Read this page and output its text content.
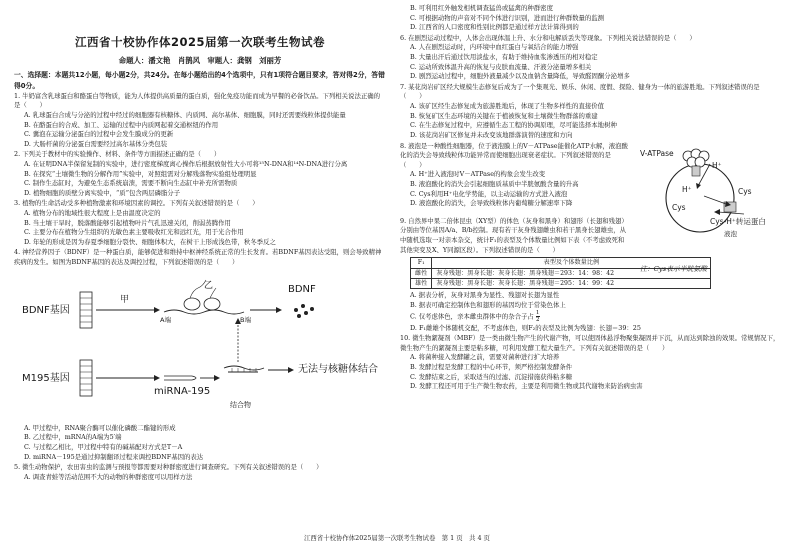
江西省十校协作体2025届第一次联考生物试卷
命题人：潘文艳　肖鹊风　审题人：龚钢　刘丽芳
一、选择题：本题共12小题，每小题2分，共24分。在每小题给出的4个选项中，只有1项符合题目要求，答对得2分，答错得0分。

1. 牛奶富含乳球蛋白和酪蛋白等物质，能为人体提供高质量的蛋白质，强化免疫功能而成为早餐的必备饮品。下列相关说法正确的是（　　）

A. 乳球蛋白合成与分泌的过程中经过的细胞器有核糖体、内质网、高尔基体、细胞膜，同时还需要线粒体提供能量

B. 在酪蛋白的合成、加工、运输的过程中内质网起着交通枢纽的作用

C. 囊泡在运输分泌蛋白的过程中会发生膜成分的更新

D. 大肠杆菌的分泌蛋白需要经过高尔基体分类包装

2. 下列关于教材中的实验操作、材料、条件等方面描述正确的是（　　）

A. 在证明DNA半保留复制的实验中，进行密度梯度离心操作后根据放射性大小可将¹⁵N-DNA和¹⁴N-DNA进行分离

B. 在探究“土壤微生物的分解作用”实验中，对照组需对分解残落物实验组处理明显

C. 制作生态缸时，为避免生态系统崩溃，需要不断向生态缸中补充所需物质

D. 植物细胞的质壁分离实验中，“质”包含两层磷脂分子

3. 植物的生命活动受多种植物激素和环境因素的调控。下列有关叙述错误的是（　　）

A. 植物分布的地域性很大程度上是由温度决定的

B. 当土壤干旱时，脱落酸能够引起植物叶片气孔迅速关闭，削弱蒸腾作用

C. 主要分布在植物分生组织的光敏色素主要吸收红光和远红光，用于光合作用

D. 年轮的形成是因为春夏季细胞分裂快、细胞体积大，在树干上形成浅色带，秋冬季反之

4. 神经营养因子（BDNF）是一种蛋白质，能够促进和维持中枢神经系统正常的生长发育。若BDNF基因表达受阻，则会导致精神疾病的发生。如图为BDNF基因的表达及调控过程，下列叙述错误的是（　　）

BDNF基因
M195基因
甲
乙
A端	B端
BDNF
miRNA-195
无法与核糖体结合
结合物

A. 甲过程中，RNA聚合酶可以催化磷酸二酯键的形成

B. 乙过程中，mRNA的A端为5′端

C. 与过程乙相比，甲过程中特有的碱基配对方式是T－A

D. miRNA－195是通过抑制翻译过程来调控BDNF基因的表达

5. 微生动物保护，农田害虫的监测与预报等都需要对种群密度进行调查研究。下列有关叙述错误的是（　　）

A. 调查青蛙等活动范围不大的动物的种群密度可以用样方法

B. 可利用红外触发相机调查猛兽或猛禽的种群密度

C. 可根据动物的声音对不同个体进行识别，进而进行种群数量的监测

D. 江西省的人口密度和性别比例都是通过样方法计算得到的

6. 在剧烈运动过程中，人体会出现体温上升、水分和电解质丢失等现象。下列相关说法错误的是（　　）

A. 人在剧烈运动时，内环境中血红蛋白与氧结合的能力增强

B. 大量出汗后通过饮用淡盐水，有助于维持血浆渗透压的相对稳定

C. 运动所致体温升高的恢复与皮肤血流量、汗液分泌量增多相关

D. 剧烈运动过程中，细胞外液量减少以及血钠含量降低，导致醛固酮分泌增多

7. 某花岗岩矿区经大规模生态修复后成为了一个集观光、娱乐、休闲、度假、探险、健身为一体的旅游胜地。下列叙述错误的是（　　）

A. 该矿区经生态修复成为旅游胜地后，体现了生物多样性的直接价值

B. 恢复矿区生态环境的关键在于植被恢复和土壤微生物群落的重建

C. 在生态修复过程中，应遵循生态工程的协调原理，尽可能选择本地树种

D. 该花岗岩矿区修复并未改变该地群落演替的速度和方向

8. 液泡是一种酸性细胞器，位于液泡膜上的V－ATPase能催化ATP水解，液泡酸化的消失会导致线粒体功能异常而使细胞出现衰老症状。下列叙述错误的是（　　）

A. H⁺进入液泡时V－ATPase的构象会发生改变

B. 液泡酸化的消失会引起细胞质基质中半胱氨酸含量的升高

C. Cys利用H⁺电化学势能，以主动运输的方式进入液泡

D. 液泡酸化的消失，会导致线粒体内葡萄糖分解速率下降

V-ATPase
H⁺
H⁺	Cys
Cys
Cys-H⁺转运蛋白
液泡
注：Cys表示半胱氨酸

9. 自然界中果二倍体昆虫（XY型）的体色（灰身和黑身）和翅形（长翅和残翅）分别由等位基因A/a、B/b控制。现有若干灰身残翅雌虫和若干黑身长翅雄虫，从中随机选取一对亲本杂交，统计F₁的表型及个体数量比例如下表（不考虑致死和其他突变及X、Y同源区段）。下列叙述错误的是（　　）

F₁	表型及个体数量比例
雌性	灰身残翅：黑身长翅：灰身长翅：黑身残翅＝293：14：98：42
雄性	灰身残翅：黑身长翅：灰身长翅：黑身残翅＝295：14：99：42

A. 据表分析，灰身对黑身为显性、残翅对长翅为显性

B. 据表可确定控制体色和翅形的基因均位于常染色体上

C. 仅考虑体色，亲本雌虫群体中的杂合子占 $\frac{1}{2}$

D. F₁雌雄个体随机交配，不考虑体色，则F₂的表型及比例为残翅：长翅＝39：25

10. 微生物絮凝剂（MBF）是一类由微生物产生的代谢产物，可以使固体悬浮物聚集凝固并下沉，从而达到除浊的效果。常规情况下，微生物产生的絮凝剂主要是粘多糖，可利用发酵工程大量生产。下列有关叙述错误的是（　　）

A. 将菌种接入发酵罐之前，需要对菌种进行扩大培养

B. 发酵过程是发酵工程的中心环节，须严格控制发酵条件

C. 发酵结束之后，采取适当的过滤、沉淀措施获得粘多糖

D. 发酵工程还可用于生产微生物农药，主要是利用微生物或其代谢物来防治病虫害

江西省十校协作体2025届第一次联考生物试卷　第 1 页　共 4 页
